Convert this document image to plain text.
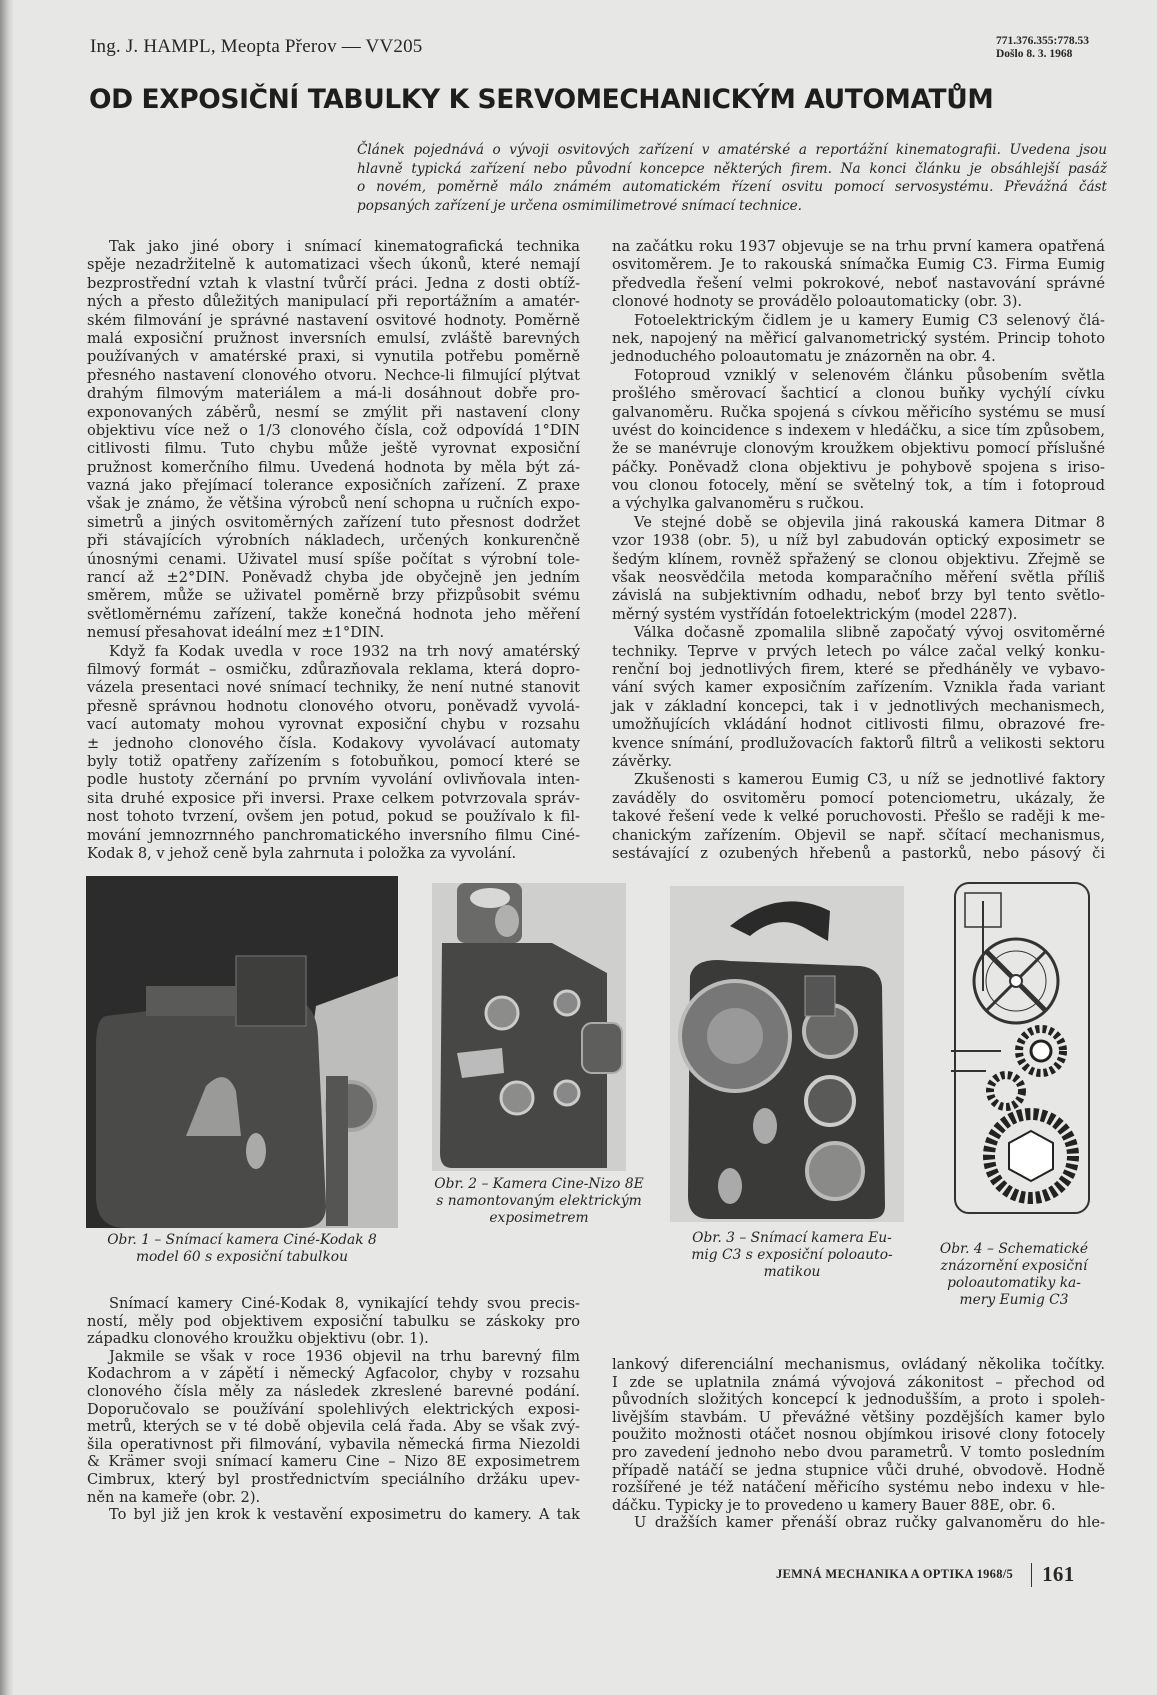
Ing. J. HAMPL, Meopta Přerov — VV205	771.376.355:778.53
Došlo 8. 3. 1968
OD EXPOSIČNÍ TABULKY K SERVOMECHANICKÝM AUTOMATŮM
Článek pojednává o vývoji osvitových zařízení v amatérské a reportážní kinematografii. Uvedena jsou
hlavně typická zařízení nebo původní koncepce některých firem. Na konci článku je obsáhlejší pasáž
o novém, poměrně málo známém automatickém řízení osvitu pomocí servosystému. Převážná část
popsaných zařízení je určena osmimilimetrové snímací technice.
Tak jako jiné obory i snímací kinematografická technika
spěje nezadržitelně k automatizaci všech úkonů, které nemají
bezprostřední vztah k vlastní tvůrčí práci. Jedna z dosti obtíž-
ných a přesto důležitých manipulací při reportážním a amatér-
ském filmování je správné nastavení osvitové hodnoty. Poměrně
malá exposiční pružnost inversních emulsí, zvláště barevných
používaných v amatérské praxi, si vynutila potřebu poměrně
přesného nastavení clonového otvoru. Nechce-li filmující plýtvat
drahým filmovým materiálem a má-li dosáhnout dobře pro-
exponovaných záběrů, nesmí se zmýlit při nastavení clony
objektivu více než o 1/3 clonového čísla, což odpovídá 1°DIN
citlivosti filmu. Tuto chybu může ještě vyrovnat exposiční
pružnost komerčního filmu. Uvedená hodnota by měla být zá-
vazná jako přejímací tolerance exposičních zařízení. Z praxe
však je známo, že většina výrobců není schopna u ručních expo-
simetrů a jiných osvitoměrných zařízení tuto přesnost dodržet
při stávajících výrobních nákladech, určených konkurenčně
únosnými cenami. Uživatel musí spíše počítat s výrobní tole-
rancí až ±2°DIN. Poněvadž chyba jde obyčejně jen jedním
směrem, může se uživatel poměrně brzy přizpůsobit svému
světloměrnému zařízení, takže konečná hodnota jeho měření
nemusí přesahovat ideální mez ±1°DIN.
Když fa Kodak uvedla v roce 1932 na trh nový amatérský
filmový formát – osmičku, zdůrazňovala reklama, která dopro-
vázela presentaci nové snímací techniky, že není nutné stanovit
přesně správnou hodnotu clonového otvoru, poněvadž vyvolá-
vací automaty mohou vyrovnat exposiční chybu v rozsahu
± jednoho clonového čísla. Kodakovy vyvolávací automaty
byly totiž opatřeny zařízením s fotobuňkou, pomocí které se
podle hustoty zčernání po prvním vyvolání ovlivňovala inten-
sita druhé exposice při inversi. Praxe celkem potvrzovala správ-
nost tohoto tvrzení, ovšem jen potud, pokud se používalo k fil-
mování jemnozrnného panchromatického inversního filmu Ciné-
Kodak 8, v jehož ceně byla zahrnuta i položka za vyvolání.
na začátku roku 1937 objevuje se na trhu první kamera opatřená
osvitoměrem. Je to rakouská snímačka Eumig C3. Firma Eumig
předvedla řešení velmi pokrokové, neboť nastavování správné
clonové hodnoty se provádělo poloautomaticky (obr. 3).
Fotoelektrickým čidlem je u kamery Eumig C3 selenový člá-
nek, napojený na měřicí galvanometrický systém. Princip tohoto
jednoduchého poloautomatu je znázorněn na obr. 4.
Fotoproud vzniklý v selenovém článku působením světla
prošlého směrovací šachticí a clonou buňky vychýlí cívku
galvanoměru. Ručka spojená s cívkou měřicího systému se musí
uvést do koincidence s indexem v hledáčku, a sice tím způsobem,
že se manévruje clonovým kroužkem objektivu pomocí příslušné
páčky. Poněvadž clona objektivu je pohybově spojena s iriso-
vou clonou fotocely, mění se světelný tok, a tím i fotoproud
a výchylka galvanoměru s ručkou.
Ve stejné době se objevila jiná rakouská kamera Ditmar 8
vzor 1938 (obr. 5), u níž byl zabudován optický exposimetr se
šedým klínem, rovněž spřažený se clonou objektivu. Zřejmě se
však neosvědčila metoda komparačního měření světla příliš
závislá na subjektivním odhadu, neboť brzy byl tento světlo-
měrný systém vystřídán fotoelektrickým (model 2287).
Válka dočasně zpomalila slibně započatý vývoj osvitoměrné
techniky. Teprve v prvých letech po válce začal velký konku-
renční boj jednotlivých firem, které se předháněly ve vybavo-
vání svých kamer exposičním zařízením. Vznikla řada variant
jak v základní koncepci, tak i v jednotlivých mechanismech,
umožňujících vkládání hodnot citlivosti filmu, obrazové fre-
kvence snímání, prodlužovacích faktorů filtrů a velikosti sektoru
závěrky.
Zkušenosti s kamerou Eumig C3, u níž se jednotlivé faktory
zaváděly do osvitoměru pomocí potenciometru, ukázaly, že
takové řešení vede k velké poruchovosti. Přešlo se raději k me-
chanickým zařízením. Objevil se např. sčítací mechanismus,
sestávající z ozubených hřebenů a pastorků, nebo pásový či
Snímací kamery Ciné-Kodak 8, vynikající tehdy svou precis-
ností, měly pod objektivem exposiční tabulku se záskoky pro
západku clonového kroužku objektivu (obr. 1).
Jakmile se však v roce 1936 objevil na trhu barevný film
Kodachrom a v zápětí i německý Agfacolor, chyby v rozsahu
clonového čísla měly za následek zkreslené barevné podání.
Doporučovalo se používání spolehlivých elektrických exposi-
metrů, kterých se v té době objevila celá řada. Aby se však zvý-
šila operativnost při filmování, vybavila německá firma Niezoldi
& Krämer svoji snímací kameru Cine – Nizo 8E exposimetrem
Cimbrux, který byl prostřednictvím speciálního držáku upev-
něn na kameře (obr. 2).
To byl již jen krok k vestavění exposimetru do kamery. A tak
lankový diferenciální mechanismus, ovládaný několika točítky.
I zde se uplatnila známá vývojová zákonitost – přechod od
původních složitých koncepcí k jednodušším, a proto i spoleh-
livějším stavbám. U převážné většiny pozdějších kamer bylo
použito možnosti otáčet nosnou objímkou irisové clony fotocely
pro zavedení jednoho nebo dvou parametrů. V tomto posledním
případě natáčí se jedna stupnice vůči druhé, obvodově. Hodně
rozšířené je též natáčení měřicího systému nebo indexu v hle-
dáčku. Typicky je to provedeno u kamery Bauer 88E, obr. 6.
U dražších kamer přenáší obraz ručky galvanoměru do hle-
Obr. 1 – Snímací kamera Ciné-Kodak 8
model 60 s exposiční tabulkou
Obr. 2 – Kamera Cine-Nizo 8E
s namontovaným elektrickým
exposimetrem
Obr. 3 – Snímací kamera Eu-
mig C3 s exposiční poloauto-
matikou
Obr. 4 – Schematické
znázornění exposiční
poloautomatiky ka-
mery Eumig C3
JEMNÁ MECHANIKA A OPTIKA 1968/5 161
